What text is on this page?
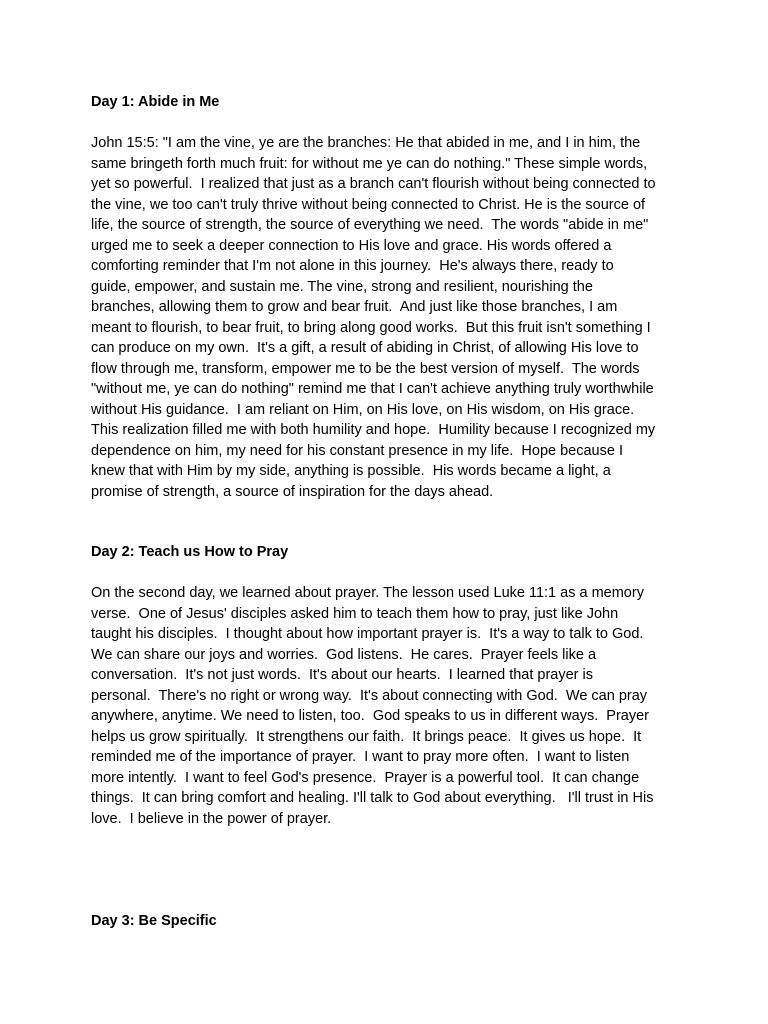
Day 1: Abide in Me

John 15:5: "I am the vine, ye are the branches: He that abided in me, and I in him, the
same bringeth forth much fruit: for without me ye can do nothing." These simple words,
yet so powerful.  I realized that just as a branch can't flourish without being connected to
the vine, we too can't truly thrive without being connected to Christ. He is the source of
life, the source of strength, the source of everything we need.  The words "abide in me"
urged me to seek a deeper connection to His love and grace. His words offered a
comforting reminder that I'm not alone in this journey.  He's always there, ready to
guide, empower, and sustain me. The vine, strong and resilient, nourishing the
branches, allowing them to grow and bear fruit.  And just like those branches, I am
meant to flourish, to bear fruit, to bring along good works.  But this fruit isn't something I
can produce on my own.  It's a gift, a result of abiding in Christ, of allowing His love to
flow through me, transform, empower me to be the best version of myself.  The words
"without me, ye can do nothing" remind me that I can't achieve anything truly worthwhile
without His guidance.  I am reliant on Him, on His love, on His wisdom, on His grace.
This realization filled me with both humility and hope.  Humility because I recognized my
dependence on him, my need for his constant presence in my life.  Hope because I
knew that with Him by my side, anything is possible.  His words became a light, a
promise of strength, a source of inspiration for the days ahead.

Day 2: Teach us How to Pray

On the second day, we learned about prayer. The lesson used Luke 11:1 as a memory
verse.  One of Jesus' disciples asked him to teach them how to pray, just like John
taught his disciples.  I thought about how important prayer is.  It's a way to talk to God.
We can share our joys and worries.  God listens.  He cares.  Prayer feels like a
conversation.  It's not just words.  It's about our hearts.  I learned that prayer is
personal.  There's no right or wrong way.  It's about connecting with God.  We can pray
anywhere, anytime. We need to listen, too.  God speaks to us in different ways.  Prayer
helps us grow spiritually.  It strengthens our faith.  It brings peace.  It gives us hope.  It
reminded me of the importance of prayer.  I want to pray more often.  I want to listen
more intently.  I want to feel God's presence.  Prayer is a powerful tool.  It can change
things.  It can bring comfort and healing. I'll talk to God about everything.   I'll trust in His
love.  I believe in the power of prayer.

Day 3: Be Specific
